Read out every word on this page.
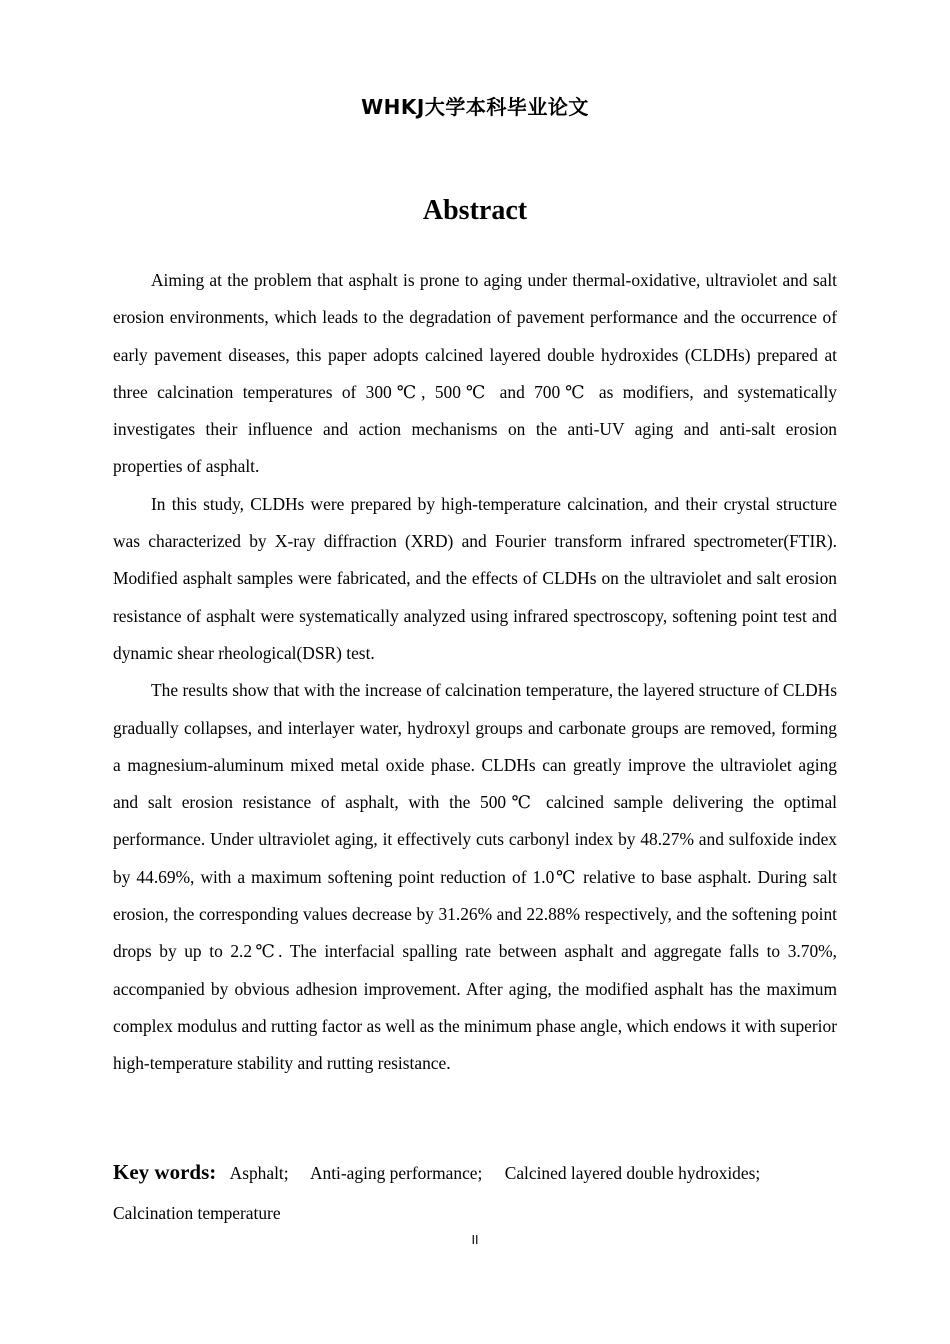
WHKJ大学本科毕业论文
Abstract

Aiming at the problem that asphalt is prone to aging under thermal-oxidative, ultraviolet and salt erosion environments, which leads to the degradation of pavement performance and the occurrence of early pavement diseases, this paper adopts calcined layered double hydroxides (CLDHs) prepared at three calcination temperatures of 300℃, 500℃ and 700℃ as modifiers, and systematically investigates their influence and action mechanisms on the anti-UV aging and anti-salt erosion properties of asphalt.

In this study, CLDHs were prepared by high-temperature calcination, and their crystal structure was characterized by X-ray diffraction (XRD) and Fourier transform infrared spectrometer(FTIR). Modified asphalt samples were fabricated, and the effects of CLDHs on the ultraviolet and salt erosion resistance of asphalt were systematically analyzed using infrared spectroscopy, softening point test and dynamic shear rheological(DSR) test.

The results show that with the increase of calcination temperature, the layered structure of CLDHs gradually collapses, and interlayer water, hydroxyl groups and carbonate groups are removed, forming a magnesium-aluminum mixed metal oxide phase. CLDHs can greatly improve the ultraviolet aging and salt erosion resistance of asphalt, with the 500℃ calcined sample delivering the optimal performance. Under ultraviolet aging, it effectively cuts carbonyl index by 48.27% and sulfoxide index by 44.69%, with a maximum softening point reduction of 1.0℃ relative to base asphalt. During salt erosion, the corresponding values decrease by 31.26% and 22.88% respectively, and the softening point drops by up to 2.2℃. The interfacial spalling rate between asphalt and aggregate falls to 3.70%, accompanied by obvious adhesion improvement. After aging, the modified asphalt has the maximum complex modulus and rutting factor as well as the minimum phase angle, which endows it with superior high-temperature stability and rutting resistance.

Key words: Asphalt; Anti-aging performance; Calcined layered double hydroxides; Calcination temperature
II
